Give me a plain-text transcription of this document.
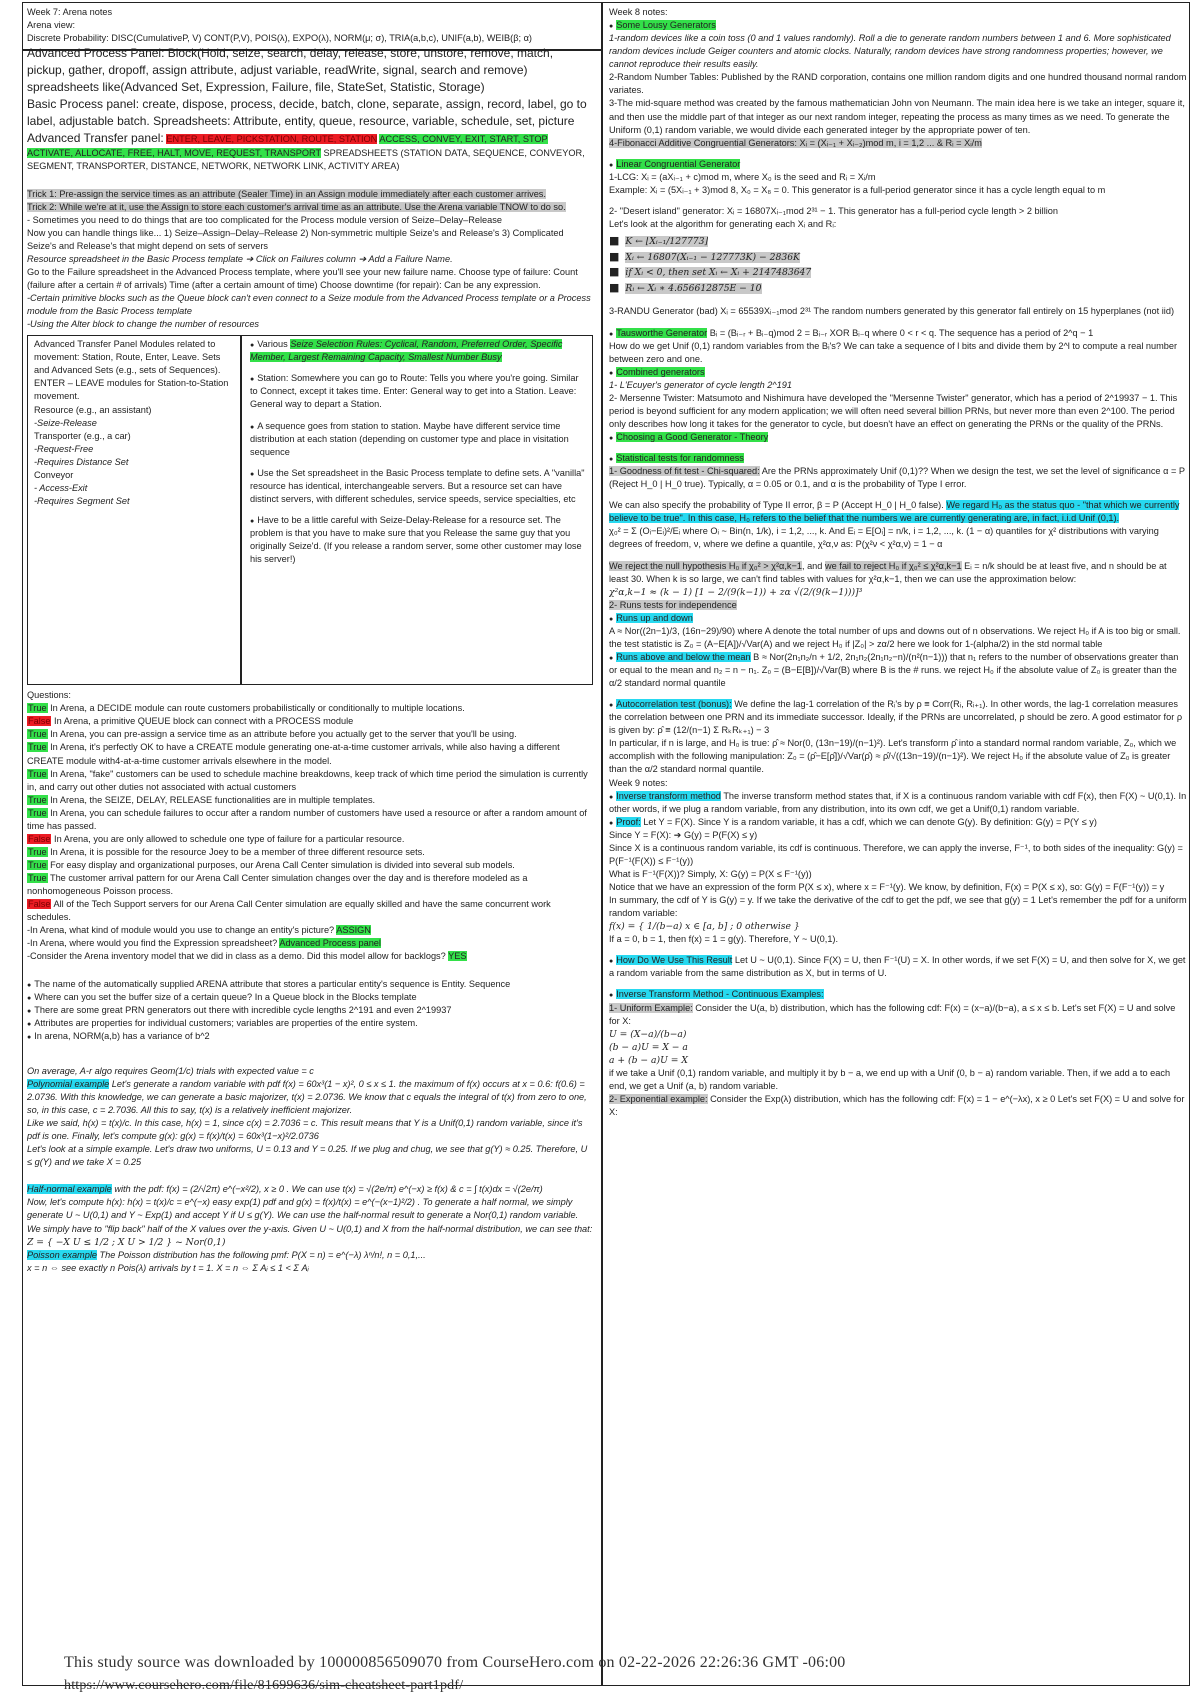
Week 7: Arena notes

Arena view:

Discrete Probability: DISC(CumulativeP, V) CONT(P,V), POIS(λ), EXPO(λ), NORM(μ; σ), TRIA(a,b,c), UNIF(a,b), WEIB(β; α)

Advanced Process Panel: Block(Hold, seize, search, delay, release, store, unstore, remove, match, pickup, gather, dropoff, assign attribute, adjust variable, readWrite, signal, search and remove) spreadsheets like(Advanced Set, Expression, Failure, file, StateSet, Statistic, Storage)

Basic Process panel: create, dispose, process, decide, batch, clone, separate, assign, record, label, go to label, adjustable batch. Spreadsheets: Attribute, entity, queue, resource, variable, schedule, set, picture

Advanced Transfer panel: ENTER, LEAVE, PICKSTATION, ROUTE, STATION ACCESS, CONVEY, EXIT, START, STOP ACTIVATE, ALLOCATE, FREE, HALT, MOVE, REQUEST, TRANSPORT SPREADSHEETS (STATION DATA, SEQUENCE, CONVEYOR, SEGMENT, TRANSPORTER, DISTANCE, NETWORK, NETWORK LINK, ACTIVITY AREA)

Trick 1: Pre-assign the service times as an attribute (Sealer Time) in an Assign module immediately after each customer arrives.

Trick 2: While we're at it, use the Assign to store each customer's arrival time as an attribute. Use the Arena variable TNOW to do so.

- Sometimes you need to do things that are too complicated for the Process module version of Seize–Delay–Release

Now you can handle things like... 1) Seize–Assign–Delay–Release 2) Non-symmetric multiple Seize's and Release's 3) Complicated Seize's and Release's that might depend on sets of servers

Resource spreadsheet in the Basic Process template ➔ Click on Failures column ➔ Add a Failure Name.

Go to the Failure spreadsheet in the Advanced Process template, where you'll see your new failure name. Choose type of failure: Count (failure after a certain # of arrivals) Time (after a certain amount of time) Choose downtime (for repair): Can be any expression.

-Certain primitive blocks such as the Queue block can't even connect to a Seize module from the Advanced Process template or a Process module from the Basic Process template

-Using the Alter block to change the number of resources

Advanced Transfer Panel Modules related to movement: Station, Route, Enter, Leave. Sets and Advanced Sets (e.g., sets of Sequences). ENTER – LEAVE modules for Station-to-Station movement.

Resource (e.g., an assistant)

-Seize-Release

Transporter (e.g., a car)

-Request-Free

-Requires Distance Set

Conveyor

- Access-Exit

-Requires Segment Set

● Various Seize Selection Rules: Cyclical, Random, Preferred Order, Specific Member, Largest Remaining Capacity, Smallest Number Busy

● Station: Somewhere you can go to Route: Tells you where you're going. Similar to Connect, except it takes time. Enter: General way to get into a Station. Leave: General way to depart a Station.

● A sequence goes from station to station. Maybe have different service time distribution at each station (depending on customer type and place in visitation sequence

● Use the Set spreadsheet in the Basic Process template to define sets. A "vanilla" resource has identical, interchangeable servers. But a resource set can have distinct servers, with different schedules, service speeds, service specialties, etc

● Have to be a little careful with Seize-Delay-Release for a resource set. The problem is that you have to make sure that you Release the same guy that you originally Seize'd. (If you release a random server, some other customer may lose his server!)

Questions:

True In Arena, a DECIDE module can route customers probabilistically or conditionally to multiple locations.

False In Arena, a primitive QUEUE block can connect with a PROCESS module

True In Arena, you can pre-assign a service time as an attribute before you actually get to the server that you'll be using.

True In Arena, it's perfectly OK to have a CREATE module generating one-at-a-time customer arrivals, while also having a different CREATE module with4-at-a-time customer arrivals elsewhere in the model.

True In Arena, "fake" customers can be used to schedule machine breakdowns, keep track of which time period the simulation is currently in, and carry out other duties not associated with actual customers

True In Arena, the SEIZE, DELAY, RELEASE functionalities are in multiple templates.

True In Arena, you can schedule failures to occur after a random number of customers have used a resource or after a random amount of time has passed.

False In Arena, you are only allowed to schedule one type of failure for a particular resource.

True In Arena, it is possible for the resource Joey to be a member of three different resource sets.

True For easy display and organizational purposes, our Arena Call Center simulation is divided into several sub models.

True The customer arrival pattern for our Arena Call Center simulation changes over the day and is therefore modeled as a nonhomogeneous Poisson process.

False All of the Tech Support servers for our Arena Call Center simulation are equally skilled and have the same concurrent work schedules.

-In Arena, what kind of module would you use to change an entity's picture? ASSIGN

-In Arena, where would you find the Expression spreadsheet? Advanced Process panel

-Consider the Arena inventory model that we did in class as a demo. Did this model allow for backlogs? YES

● The name of the automatically supplied ARENA attribute that stores a particular entity's sequence is Entity. Sequence

● Where can you set the buffer size of a certain queue? In a Queue block in the Blocks template

● There are some great PRN generators out there with incredible cycle lengths 2^191 and even 2^19937

● Attributes are properties for individual customers; variables are properties of the entire system.

● In arena, NORM(a,b) has a variance of b^2

On average, A-r algo requires Geom(1/c) trials with expected value = c

Polynomial example Let's generate a random variable with pdf f(x) = 60x³(1 − x)², 0 ≤ x ≤ 1. the maximum of f(x) occurs at x = 0.6: f(0.6) = 2.0736. With this knowledge, we can generate a basic majorizer, t(x) = 2.0736. We know that c equals the integral of t(x) from zero to one, so, in this case, c = 2.7036. All this to say, t(x) is a relatively inefficient majorizer.

Like we said, h(x) = t(x)/c. In this case, h(x) = 1, since c(x) = 2.7036 = c. This result means that Y is a Unif(0,1) random variable, since it's pdf is one. Finally, let's compute g(x): g(x) = f(x)/t(x) = 60x³(1−x)²/2.0736

Let's look at a simple example. Let's draw two uniforms, U = 0.13 and Y = 0.25. If we plug and chug, we see that g(Y) ≈ 0.25. Therefore, U ≤ g(Y) and we take X = 0.25

Half-normal example with the pdf: f(x) = (2/√2π) e^(−x²/2), x ≥ 0 . We can use t(x) = √(2e/π) e^(−x) ≥ f(x) & c = ∫ t(x)dx = √(2e/π)

Now, let's compute h(x): h(x) = t(x)/c = e^(−x) easy exp(1) pdf and g(x) = f(x)/t(x) = e^(−(x−1)²/2) . To generate a half normal, we simply generate U ~ U(0,1) and Y ~ Exp(1) and accept Y if U ≤ g(Y). We can use the half-normal result to generate a Nor(0,1) random variable. We simply have to "flip back" half of the X values over the y-axis. Given U ~ U(0,1) and X from the half-normal distribution, we can see that:

Z = { −X U ≤ 1/2 ; X U > 1/2 } ~ Nor(0,1)

Poisson example The Poisson distribution has the following pmf: P(X = n) = e^(−λ) λⁿ/n!, n = 0,1,...

x = n ⇔ see exactly n Pois(λ) arrivals by t = 1. X = n ⇔ Σ Aᵢ ≤ 1 < Σ Aᵢ

Week 8 notes:

● Some Lousy Generators

1-random devices like a coin toss (0 and 1 values randomly). Roll a die to generate random numbers between 1 and 6. More sophisticated random devices include Geiger counters and atomic clocks. Naturally, random devices have strong randomness properties; however, we cannot reproduce their results easily.

2-Random Number Tables: Published by the RAND corporation, contains one million random digits and one hundred thousand normal random variates.

3-The mid-square method was created by the famous mathematician John von Neumann. The main idea here is we take an integer, square it, and then use the middle part of that integer as our next random integer, repeating the process as many times as we need. To generate the Uniform (0,1) random variable, we would divide each generated integer by the appropriate power of ten.

4-Fibonacci Additive Congruential Generators: Xᵢ = (Xᵢ₋₁ + Xᵢ₋₂)mod m, i = 1,2 ... & Rᵢ = Xᵢ/m

● Linear Congruential Generator

1-LCG: Xᵢ = (aXᵢ₋₁ + c)mod m, where X₀ is the seed and Rᵢ = Xᵢ/m

Example: Xᵢ = (5Xᵢ₋₁ + 3)mod 8, X₀ = X₈ = 0. This generator is a full-period generator since it has a cycle length equal to m

2- "Desert island" generator: Xᵢ = 16807Xᵢ₋₁mod 2³¹ − 1. This generator has a full-period cycle length > 2 billion

Let's look at the algorithm for generating each Xᵢ and Rᵢ:

■ K ← ⌊Xᵢ₋₁/127773⌋

■ Xᵢ ← 16807(Xᵢ₋₁ − 127773K) − 2836K

■ if Xᵢ < 0, then set Xᵢ ← Xᵢ + 2147483647

■ Rᵢ ← Xᵢ ∗ 4.656612875E − 10

3-RANDU Generator (bad) Xᵢ = 65539Xᵢ₋₁mod 2³¹ The random numbers generated by this generator fall entirely on 15 hyperplanes (not iid)

● Tausworthe Generator Bᵢ = (Bᵢ₋ᵣ + Bᵢ₋q)mod 2 = Bᵢ₋ᵣ XOR Bᵢ₋q where 0 < r < q. The sequence has a period of 2^q − 1

How do we get Unif (0,1) random variables from the Bᵢ's? We can take a sequence of l bits and divide them by 2^l to compute a real number between zero and one.

● Combined generators

1- L'Ecuyer's generator of cycle length 2^191

2- Mersenne Twister: Matsumoto and Nishimura have developed the "Mersenne Twister" generator, which has a period of 2^19937 − 1. This period is beyond sufficient for any modern application; we will often need several billion PRNs, but never more than even 2^100. The period only describes how long it takes for the generator to cycle, but doesn't have an effect on generating the PRNs or the quality of the PRNs.

● Choosing a Good Generator - Theory

● Statistical tests for randomness

1- Goodness of fit test - Chi-squared: Are the PRNs approximately Unif (0,1)?? When we design the test, we set the level of significance α = P (Reject H_0 | H_0 true). Typically, α = 0.05 or 0.1, and α is the probability of Type I error.

We can also specify the probability of Type II error, β = P (Accept H_0 | H_0 false). We regard H₀ as the status quo - "that which we currently believe to be true". In this case, H₀ refers to the belief that the numbers we are currently generating are, in fact, i.i.d Unif (0,1).

χ₀² = Σ (Oᵢ−Eᵢ)²/Eᵢ where Oᵢ ~ Bin(n, 1/k), i = 1,2, ..., k. And Eᵢ = E[Oᵢ] = n/k, i = 1,2, ..., k. (1 − α) quantiles for χ² distributions with varying degrees of freedom, ν, where we define a quantile, χ²α,ν as: P(χ²ν < χ²α,ν) = 1 − α

We reject the null hypothesis H₀ if χ₀² > χ²α,k−1, and we fail to reject H₀ if χ₀² ≤ χ²α,k−1 Eᵢ = n/k should be at least five, and n should be at least 30. When k is so large, we can't find tables with values for χ²α,k−1, then we can use the approximation below:

χ²α,k−1 ≈ (k − 1) [1 − 2/(9(k−1)) + zα √(2/(9(k−1)))]³

2- Runs tests for independence

● Runs up and down

A ≈ Nor((2n−1)/3, (16n−29)/90) where A denote the total number of ups and downs out of n observations. We reject H₀ if A is too big or small. the test statistic is Z₀ = (A−E[A])/√Var(A) and we reject H₀ if |Z₀| > zα/2 here we look for 1-(alpha/2) in the std normal table

● Runs above and below the mean B ≈ Nor(2n₁n₂/n + 1/2, 2n₁n₂(2n₁n₂−n)/(n²(n−1))) that n₁ refers to the number of observations greater than or equal to the mean and n₂ = n − n₁. Z₀ = (B−E[B])/√Var(B) where B is the # runs. we reject H₀ if the absolute value of Z₀ is greater than the α/2 standard normal quantile

● Autocorrelation test (bonus): We define the lag-1 correlation of the Rᵢ's by ρ ≡ Corr(Rᵢ, Rᵢ₊₁). In other words, the lag-1 correlation measures the correlation between one PRN and its immediate successor. Ideally, if the PRNs are uncorrelated, ρ should be zero. A good estimator for ρ is given by: ρ̂ ≡ (12/(n−1) Σ RₖRₖ₊₁) − 3

In particular, if n is large, and H₀ is true: ρ̂ ≈ Nor(0, (13n−19)/(n−1)²). Let's transform ρ̂ into a standard normal random variable, Z₀, which we accomplish with the following manipulation: Z₀ = (ρ̂−E[ρ̂])/√Var(ρ̂) ≈ ρ̂/√((13n−19)/(n−1)²). We reject H₀ if the absolute value of Z₀ is greater than the α/2 standard normal quantile.

Week 9 notes:

● Inverse transform method The inverse transform method states that, if X is a continuous random variable with cdf F(x), then F(X) ~ U(0,1). In other words, if we plug a random variable, from any distribution, into its own cdf, we get a Unif(0,1) random variable.

● Proof: Let Y = F(X). Since Y is a random variable, it has a cdf, which we can denote G(y). By definition: G(y) = P(Y ≤ y)

Since Y = F(X): ➔ G(y) = P(F(X) ≤ y)

Since X is a continuous random variable, its cdf is continuous. Therefore, we can apply the inverse, F⁻¹, to both sides of the inequality: G(y) = P(F⁻¹(F(X)) ≤ F⁻¹(y))

What is F⁻¹(F(X))? Simply, X: G(y) = P(X ≤ F⁻¹(y))

Notice that we have an expression of the form P(X ≤ x), where x = F⁻¹(y). We know, by definition, F(x) = P(X ≤ x), so: G(y) = F(F⁻¹(y)) = y

In summary, the cdf of Y is G(y) = y. If we take the derivative of the cdf to get the pdf, we see that g(y) = 1 Let's remember the pdf for a uniform random variable:

f(x) = { 1/(b−a) x ∈ [a, b] ; 0 otherwise }

If a = 0, b = 1, then f(x) = 1 = g(y). Therefore, Y ~ U(0,1).

● How Do We Use This Result Let U ~ U(0,1). Since F(X) = U, then F⁻¹(U) = X. In other words, if we set F(X) = U, and then solve for X, we get a random variable from the same distribution as X, but in terms of U.

● Inverse Transform Method - Continuous Examples:

1- Uniform Example: Consider the U(a, b) distribution, which has the following cdf: F(x) = (x−a)/(b−a), a ≤ x ≤ b. Let's set F(X) = U and solve for X:

U = (X−a)/(b−a)

(b − a)U = X − a

a + (b − a)U = X

if we take a Unif (0,1) random variable, and multiply it by b − a, we end up with a Unif (0, b − a) random variable. Then, if we add a to each end, we get a Unif (a, b) random variable.

2- Exponential example: Consider the Exp(λ) distribution, which has the following cdf: F(x) = 1 − e^(−λx), x ≥ 0 Let's set F(X) = U and solve for X:

This study source was downloaded by 100000856509070 from CourseHero.com on 02-22-2026 22:26:36 GMT -06:00
https://www.coursehero.com/file/81699636/sim-cheatsheet-part1pdf/
